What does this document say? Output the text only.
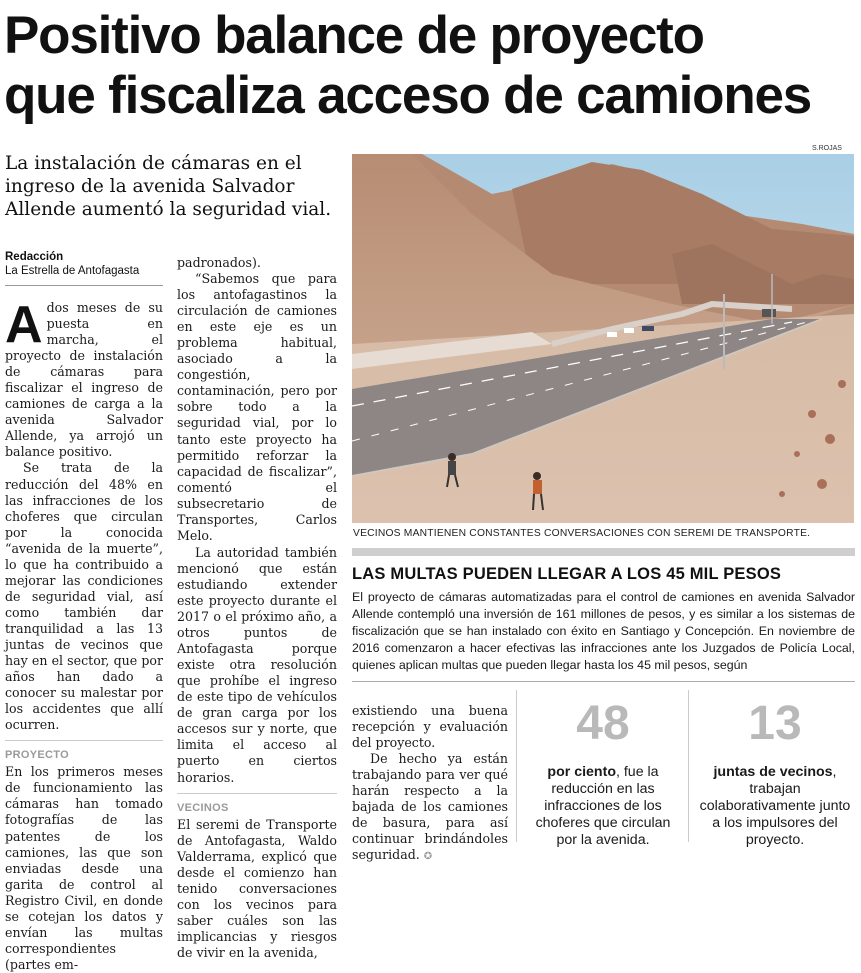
Positivo balance de proyecto
que fiscaliza acceso de camiones
La instalación de cámaras en el ingreso de la avenida Salvador Allende aumentó la seguridad vial.
Redacción
La Estrella de Antofagasta

Ados meses de su puesta en marcha, el proyecto de instalación de cámaras para fiscalizar el ingreso de camiones de carga a la avenida Salvador Allende, ya arrojó un balance positivo.

Se trata de la reducción del 48% en las infracciones de los choferes que circulan por la conocida “avenida de la muerte”, lo que ha contribuido a mejorar las condiciones de seguridad vial, así como también dar tranquilidad a las 13 juntas de vecinos que hay en el sector, que por años han dado a conocer su malestar por los accidentes que allí ocurren.

PROYECTO

En los primeros meses de funcionamiento las cámaras han tomado fotografías de las patentes de los camiones, las que son enviadas desde una garita de control al Registro Civil, en donde se cotejan los datos y envían las multas correspondientes (partes em-

padronados).

“Sabemos que para los antofagastinos la circulación de camiones en este eje es un problema habitual, asociado a la congestión, contaminación, pero por sobre todo a la seguridad vial, por lo tanto este proyecto ha permitido reforzar la capacidad de fiscalizar”, comentó el subsecretario de Transportes, Carlos Melo.

La autoridad también mencionó que están estudiando extender este proyecto durante el 2017 o el próximo año, a otros puntos de Antofagasta porque existe otra resolución que prohíbe el ingreso de este tipo de vehículos de gran carga por los accesos sur y norte, que limita el acceso al puerto en ciertos horarios.

VECINOS

El seremi de Transporte de Antofagasta, Waldo Valderrama, explicó que desde el comienzo han tenido conversaciones con los vecinos para saber cuáles son las implicancias y riesgos de vivir en la avenida,

existiendo una buena recepción y evaluación del proyecto.

De hecho ya están trabajando para ver qué harán respecto a la bajada de los camiones de basura, para así continuar brindándoles seguridad. ✪

S.ROJAS
VECINOS MANTIENEN CONSTANTES CONVERSACIONES CON SEREMI DE TRANSPORTE.
LAS MULTAS PUEDEN LLEGAR A LOS 45 MIL PESOS

El proyecto de cámaras automatizadas para el control de camiones en avenida Salvador Allende contempló una inversión de 161 millones de pesos, y es similar a los sistemas de fiscalización que se han instalado con éxito en Santiago y Concepción. En noviembre de 2016 comenzaron a hacer efectivas las infracciones ante los Juzgados de Policía Local, quienes aplican multas que pueden llegar hasta los 45 mil pesos, según

48
por ciento, fue la reducción en las infracciones de los choferes que circulan por la avenida.
13
juntas de vecinos, trabajan colaborativamente junto a los impulsores del proyecto.
